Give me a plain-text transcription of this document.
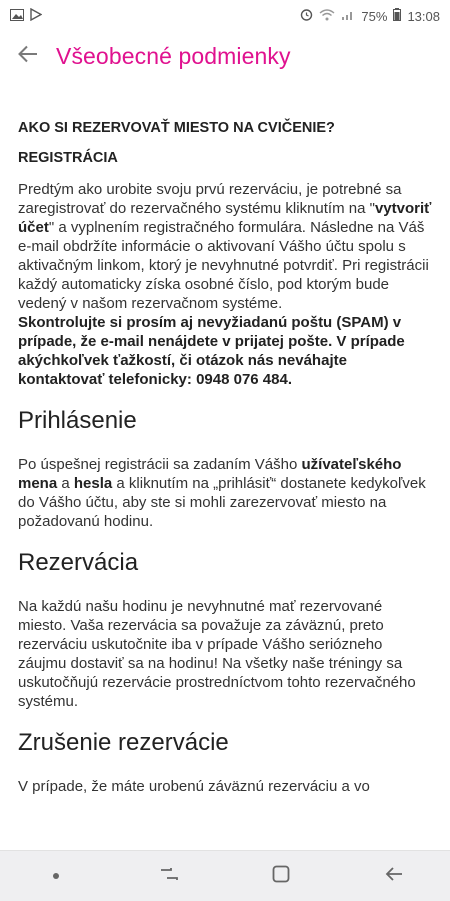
75% 13:08
Všeobecné podmienky
AKO SI REZERVOVAŤ MIESTO NA CVIČENIE?
REGISTRÁCIA

Predtým ako urobite svoju prvú rezerváciu, je potrebné sa zaregistrovať do rezervačného systému kliknutím na "vytvoriť účet" a vyplnením registračného formulára. Následne na Váš e-mail obdržíte informácie o aktivovaní Vášho účtu spolu s aktivačným linkom, ktorý je nevyhnutné potvrdiť. Pri registrácii každý automaticky získa osobné číslo, pod ktorým bude vedený v našom rezervačnom systéme.
Skontrolujte si prosím aj nevyžiadanú poštu (SPAM) v prípade, že e-mail nenájdete v prijatej pošte. V prípade akýchkoľvek ťažkostí, či otázok nás neváhajte kontaktovať telefonicky: 0948 076 484.

Prihlásenie

Po úspešnej registrácii sa zadaním Vášho užívateľského mena a hesla a kliknutím na „prihlásiť“ dostanete kedykoľvek do Vášho účtu, aby ste si mohli zarezervovať miesto na požadovanú hodinu.

Rezervácia

Na každú našu hodinu je nevyhnutné mať rezervované miesto. Vaša rezervácia sa považuje za záväznú, preto rezerváciu uskutočnite iba v prípade Vášho seriózneho záujmu dostaviť sa na hodinu! Na všetky naše tréningy sa uskutočňujú rezervácie prostredníctvom tohto rezervačného systému.

Zrušenie rezervácie

V prípade, že máte urobenú záväznú rezerváciu a vo
